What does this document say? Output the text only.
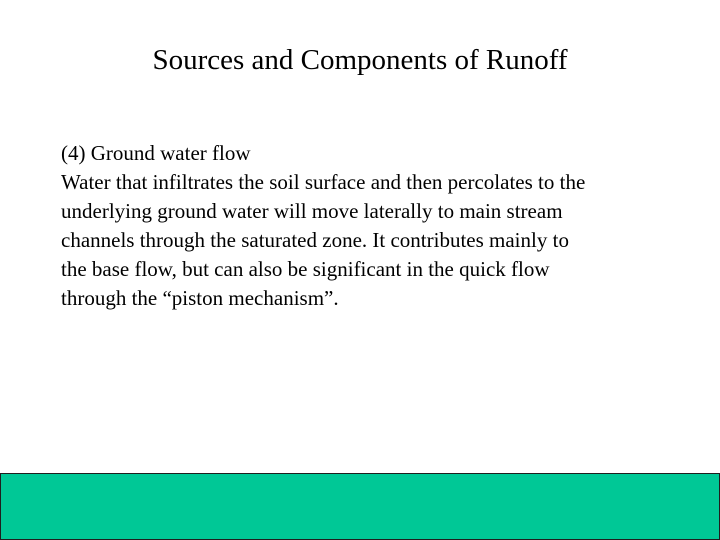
Sources and Components of Runoff
(4) Ground water flow
Water that infiltrates the soil surface and then percolates to the
underlying ground water will move laterally to main stream
channels through the saturated zone. It contributes mainly to
the base flow, but can also be significant in the quick flow
through the “piston mechanism”.
